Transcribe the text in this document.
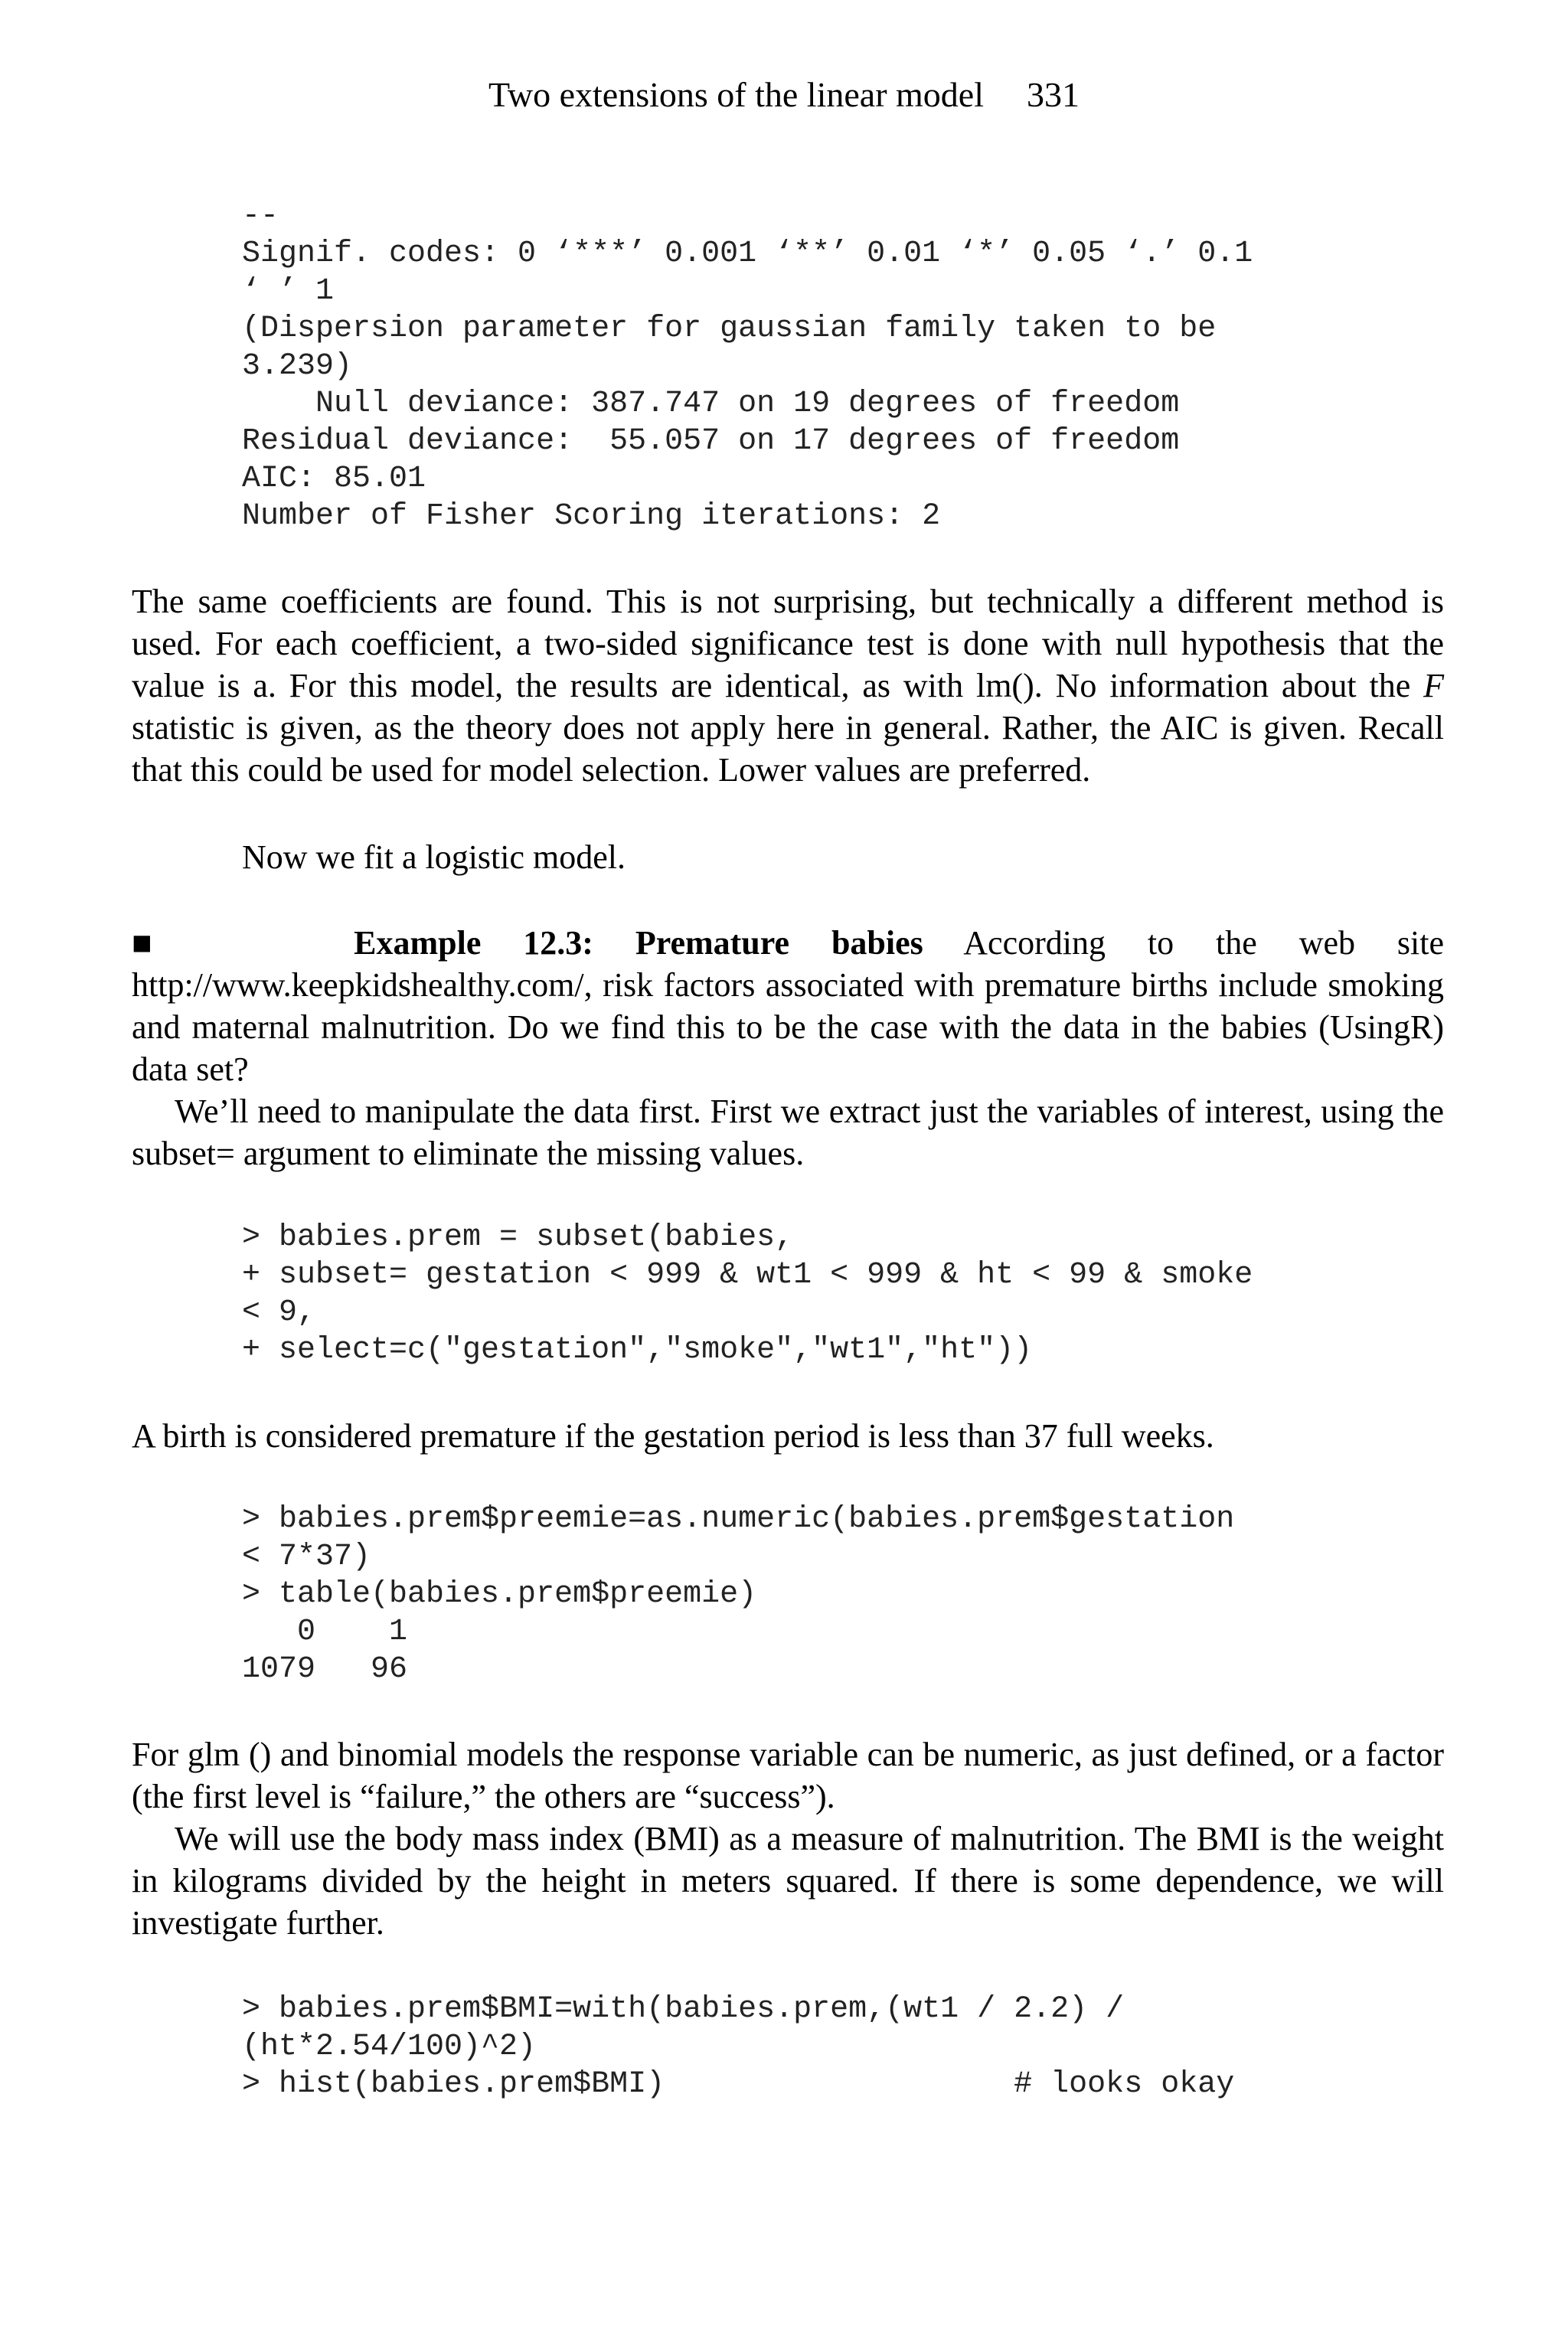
Two extensions of the linear model 331
--
Signif. codes: 0 ‘***’ 0.001 ‘**’ 0.01 ‘*’ 0.05 ‘.’ 0.1
‘ ’ 1
(Dispersion parameter for gaussian family taken to be
3.239)
Null deviance: 387.747 on 19 degrees of freedom
Residual deviance:  55.057 on 17 degrees of freedom
AIC: 85.01
Number of Fisher Scoring iterations: 2

The same coefficients are found. This is not surprising, but technically a different method is used. For each coefficient, a two-sided significance test is done with null hypothesis that the value is a. For this model, the results are identical, as with lm(). No information about the F statistic is given, as the theory does not apply here in general. Rather, the AIC is given. Recall that this could be used for model selection. Lower values are preferred.

Now we fit a logistic model.

■	Example 12.3: Premature babies According to the web site http://www.keepkidshealthy.com/, risk factors associated with premature births include smoking and maternal malnutrition. Do we find this to be the case with the data in the babies (UsingR) data set?
We’ll need to manipulate the data first. First we extract just the variables of interest, using the subset= argument to eliminate the missing values.

> babies.prem = subset(babies,
+ subset= gestation < 999 & wt1 < 999 & ht < 99 & smoke
< 9,
+ select=c("gestation","smoke","wt1","ht"))

A birth is considered premature if the gestation period is less than 37 full weeks.

> babies.prem$preemie=as.numeric(babies.prem$gestation
< 7*37)
> table(babies.prem$preemie)
0    1
1079   96

For glm () and binomial models the response variable can be numeric, as just defined, or a factor (the first level is “failure,” the others are “success”).
We will use the body mass index (BMI) as a measure of malnutrition. The BMI is the weight in kilograms divided by the height in meters squared. If there is some dependence, we will investigate further.

> babies.prem$BMI=with(babies.prem,(wt1 / 2.2) /
(ht*2.54/100)^2)
> hist(babies.prem$BMI)                   # looks okay
